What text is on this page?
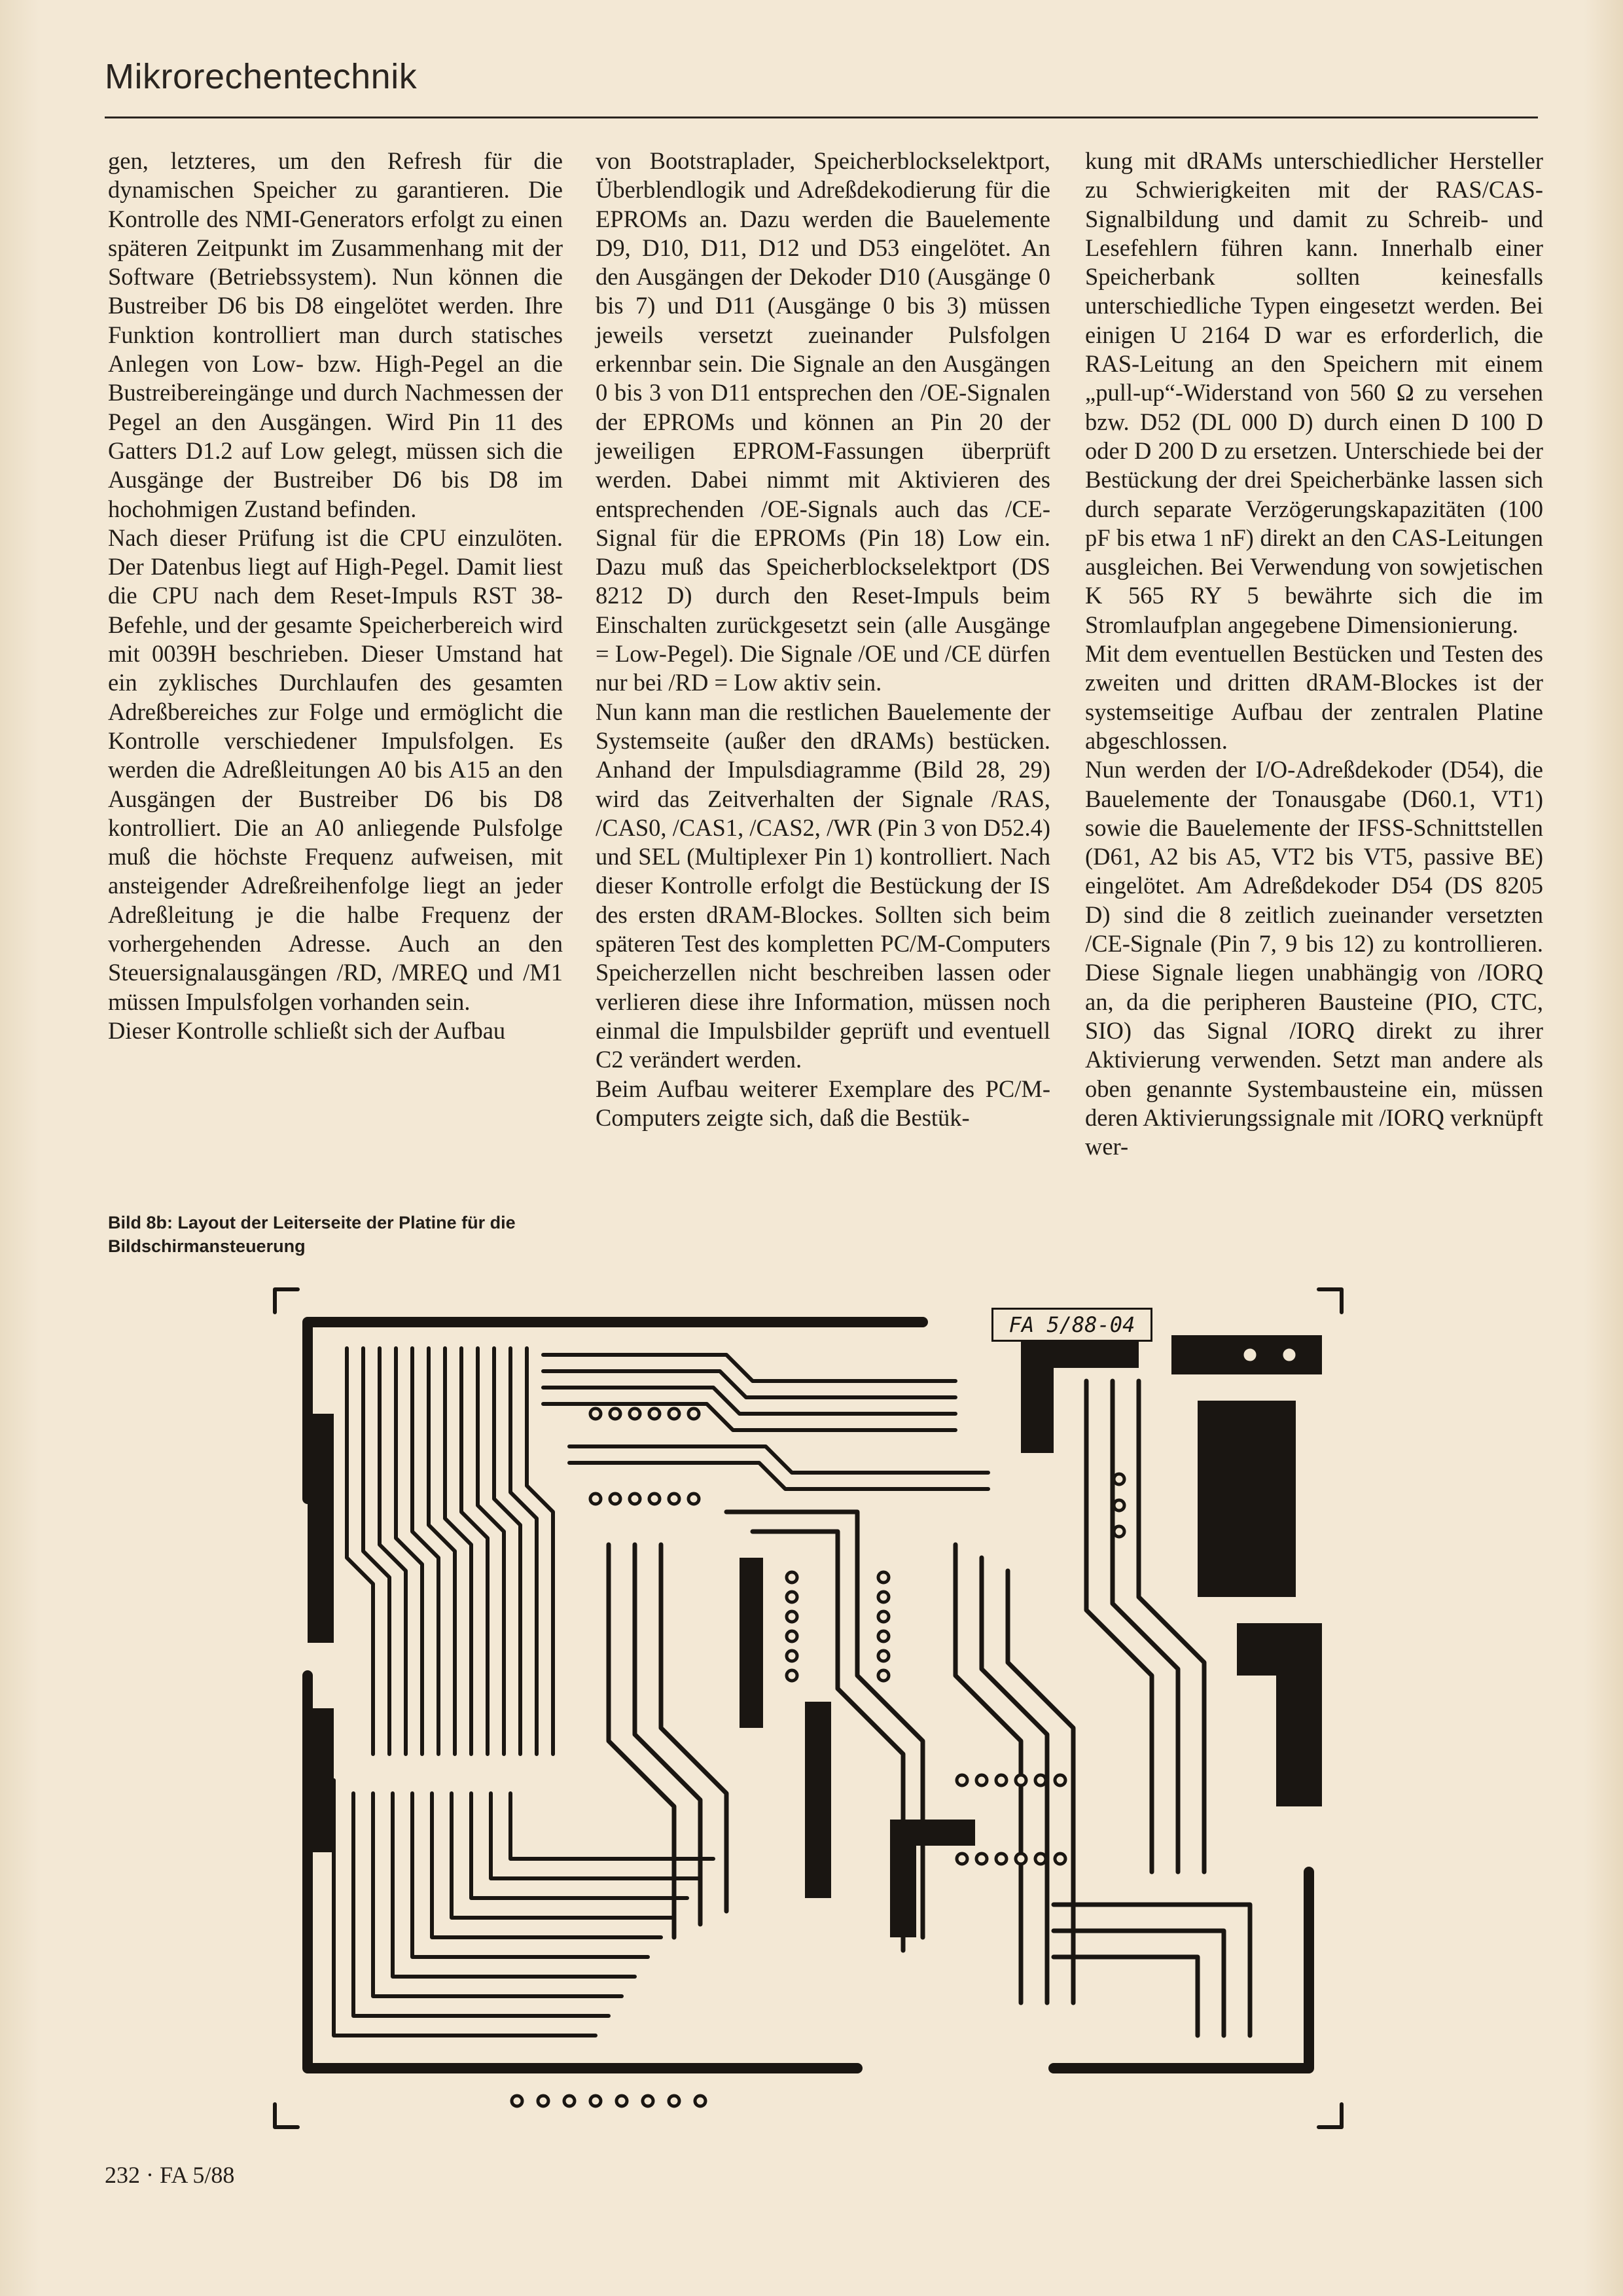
Mikrorechentechnik

gen, letzteres, um den Refresh für die dynamischen Speicher zu garantieren. Die Kontrolle des NMI-Generators erfolgt zu einen späteren Zeitpunkt im Zusammenhang mit der Software (Betriebssystem). Nun können die Bustreiber D6 bis D8 eingelötet werden. Ihre Funktion kontrolliert man durch statisches Anlegen von Low- bzw. High-Pegel an die Bustreibereingänge und durch Nachmessen der Pegel an den Ausgängen. Wird Pin 11 des Gatters D1.2 auf Low gelegt, müssen sich die Ausgänge der Bustreiber D6 bis D8 im hochohmigen Zustand befinden.

Nach dieser Prüfung ist die CPU einzulöten. Der Datenbus liegt auf High-Pegel. Damit liest die CPU nach dem Reset-Impuls RST 38-Befehle, und der gesamte Speicherbereich wird mit 0039H beschrieben. Dieser Umstand hat ein zyklisches Durchlaufen des gesamten Adreßbereiches zur Folge und ermöglicht die Kontrolle verschiedener Impulsfolgen. Es werden die Adreßleitungen A0 bis A15 an den Ausgängen der Bustreiber D6 bis D8 kontrolliert. Die an A0 anliegende Pulsfolge muß die höchste Frequenz aufweisen, mit ansteigender Adreßreihenfolge liegt an jeder Adreßleitung je die halbe Frequenz der vorhergehenden Adresse. Auch an den Steuersignalausgängen /RD, /MREQ und /M1 müssen Impulsfolgen vorhanden sein.

Dieser Kontrolle schließt sich der Aufbau

von Bootstraplader, Speicherblockselektport, Überblendlogik und Adreßdekodierung für die EPROMs an. Dazu werden die Bauelemente D9, D10, D11, D12 und D53 eingelötet. An den Ausgängen der Dekoder D10 (Ausgänge 0 bis 7) und D11 (Ausgänge 0 bis 3) müssen jeweils versetzt zueinander Pulsfolgen erkennbar sein. Die Signale an den Ausgängen 0 bis 3 von D11 entsprechen den /OE-Signalen der EPROMs und können an Pin 20 der jeweiligen EPROM-Fassungen überprüft werden. Dabei nimmt mit Aktivieren des entsprechenden /OE-Signals auch das /CE-Signal für die EPROMs (Pin 18) Low ein. Dazu muß das Speicherblockselektport (DS 8212 D) durch den Reset-Impuls beim Einschalten zurückgesetzt sein (alle Ausgänge = Low-Pegel). Die Signale /OE und /CE dürfen nur bei /RD = Low aktiv sein.

Nun kann man die restlichen Bauelemente der Systemseite (außer den dRAMs) bestücken. Anhand der Impulsdiagramme (Bild 28, 29) wird das Zeitverhalten der Signale /RAS, /CAS0, /CAS1, /CAS2, /WR (Pin 3 von D52.4) und SEL (Multiplexer Pin 1) kontrolliert. Nach dieser Kontrolle erfolgt die Bestückung der IS des ersten dRAM-Blockes. Sollten sich beim späteren Test des kompletten PC/M-Computers Speicherzellen nicht beschreiben lassen oder verlieren diese ihre Information, müssen noch einmal die Impulsbilder geprüft und eventuell C2 verändert werden.

Beim Aufbau weiterer Exemplare des PC/M-Computers zeigte sich, daß die Bestük-

kung mit dRAMs unterschiedlicher Hersteller zu Schwierigkeiten mit der RAS/CAS-Signalbildung und damit zu Schreib- und Lesefehlern führen kann. Innerhalb einer Speicherbank sollten keinesfalls unterschiedliche Typen eingesetzt werden. Bei einigen U 2164 D war es erforderlich, die RAS-Leitung an den Speichern mit einem „pull-up“-Widerstand von 560 Ω zu versehen bzw. D52 (DL 000 D) durch einen D 100 D oder D 200 D zu ersetzen. Unterschiede bei der Bestückung der drei Speicherbänke lassen sich durch separate Verzögerungskapazitäten (100 pF bis etwa 1 nF) direkt an den CAS-Leitungen ausgleichen. Bei Verwendung von sowjetischen K 565 RY 5 bewährte sich die im Stromlaufplan angegebene Dimensionierung.

Mit dem eventuellen Bestücken und Testen des zweiten und dritten dRAM-Blockes ist der systemseitige Aufbau der zentralen Platine abgeschlossen.

Nun werden der I/O-Adreßdekoder (D54), die Bauelemente der Tonausgabe (D60.1, VT1) sowie die Bauelemente der IFSS-Schnittstellen (D61, A2 bis A5, VT2 bis VT5, passive BE) eingelötet. Am Adreßdekoder D54 (DS 8205 D) sind die 8 zeitlich zueinander versetzten /CE-Signale (Pin 7, 9 bis 12) zu kontrollieren. Diese Signale liegen unabhängig von /IORQ an, da die peripheren Bausteine (PIO, CTC, SIO) das Signal /IORQ direkt zu ihrer Aktivierung verwenden. Setzt man andere als oben genannte Systembausteine ein, müssen deren Aktivierungssignale mit /IORQ verknüpft wer-

Bild 8b: Layout der Leiterseite der Platine für die Bildschirmansteuerung
FA 5/88-04
232 · FA 5/88
